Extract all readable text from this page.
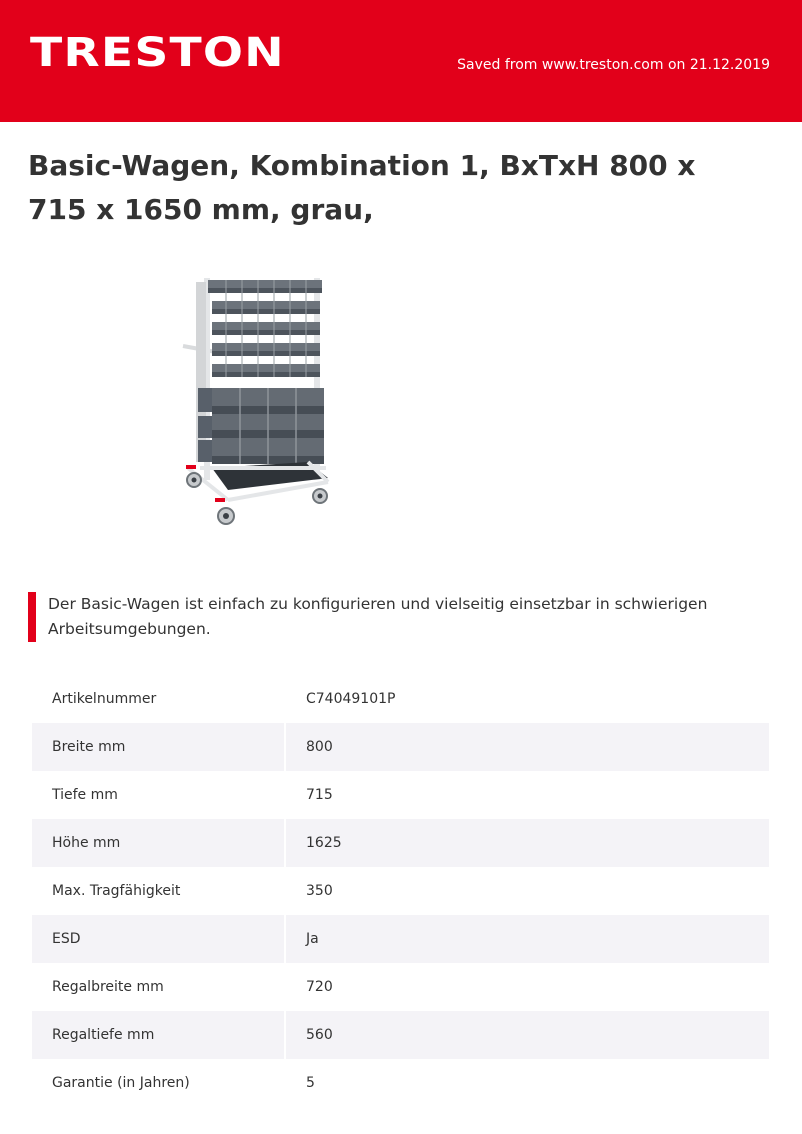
TRESTON	Saved from www.treston.com on 21.12.2019
Basic-Wagen, Kombination 1, BxTxH 800 x 715 x 1650 mm, grau,
Der Basic-Wagen ist einfach zu konfigurieren und vielseitig einsetzbar in schwierigen Arbeitsumgebungen.
Artikelnummer	C74049101P
Breite mm	800
Tiefe mm	715
Höhe mm	1625
Max. Tragfähigkeit	350
ESD	Ja
Regalbreite mm	720
Regaltiefe mm	560
Garantie (in Jahren)	5
